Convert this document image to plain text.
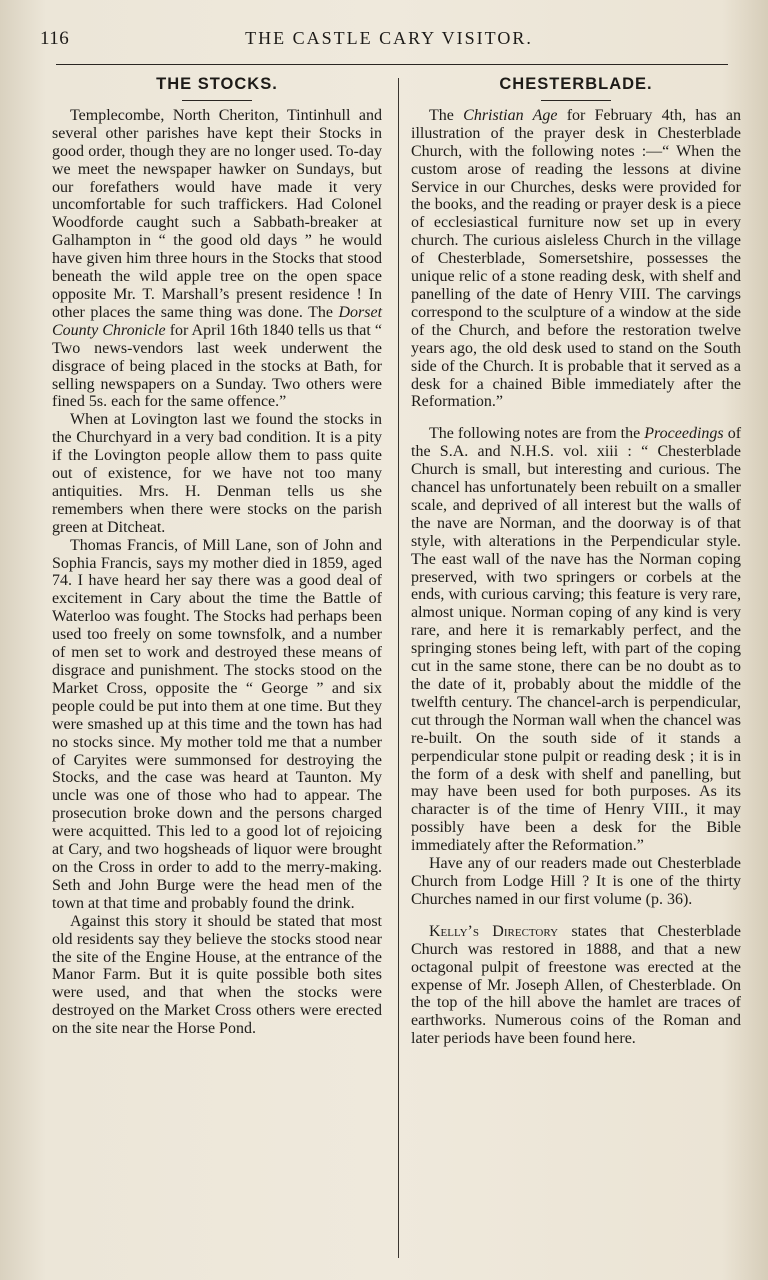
116	THE CASTLE CARY VISITOR.
THE STOCKS.

Templecombe, North Cheriton, Tintinhull and several other parishes have kept their Stocks in good order, though they are no longer used. To-day we meet the newspaper hawker on Sundays, but our forefathers would have made it very uncomfortable for such traffickers. Had Colonel Woodforde caught such a Sabbath-breaker at Galhampton in “ the good old days ” he would have given him three hours in the Stocks that stood beneath the wild apple tree on the open space opposite Mr. T. Marshall’s present residence ! In other places the same thing was done. The Dorset County Chronicle for April 16th 1840 tells us that “ Two news-vendors last week underwent the disgrace of being placed in the stocks at Bath, for selling newspapers on a Sunday. Two others were fined 5s. each for the same offence.”

When at Lovington last we found the stocks in the Churchyard in a very bad condition. It is a pity if the Lovington people allow them to pass quite out of existence, for we have not too many antiquities. Mrs. H. Denman tells us she remembers when there were stocks on the parish green at Ditcheat.

Thomas Francis, of Mill Lane, son of John and Sophia Francis, says my mother died in 1859, aged 74. I have heard her say there was a good deal of excitement in Cary about the time the Battle of Waterloo was fought. The Stocks had perhaps been used too freely on some townsfolk, and a number of men set to work and destroyed these means of disgrace and punishment. The stocks stood on the Market Cross, opposite the “ George ” and six people could be put into them at one time. But they were smashed up at this time and the town has had no stocks since. My mother told me that a number of Caryites were summonsed for destroying the Stocks, and the case was heard at Taunton. My uncle was one of those who had to appear. The prosecution broke down and the persons charged were acquitted. This led to a good lot of rejoicing at Cary, and two hogsheads of liquor were brought on the Cross in order to add to the merry-making. Seth and John Burge were the head men of the town at that time and probably found the drink.

Against this story it should be stated that most old residents say they believe the stocks stood near the site of the Engine House, at the entrance of the Manor Farm. But it is quite possible both sites were used, and that when the stocks were destroyed on the Market Cross others were erected on the site near the Horse Pond.

CHESTERBLADE.

The Christian Age for February 4th, has an illustration of the prayer desk in Chesterblade Church, with the following notes :—“ When the custom arose of reading the lessons at divine Service in our Churches, desks were provided for the books, and the reading or prayer desk is a piece of ecclesiastical furniture now set up in every church. The curious aisleless Church in the village of Chesterblade, Somersetshire, possesses the unique relic of a stone reading desk, with shelf and panelling of the date of Henry VIII. The carvings correspond to the sculpture of a window at the side of the Church, and before the restoration twelve years ago, the old desk used to stand on the South side of the Church. It is probable that it served as a desk for a chained Bible immediately after the Reformation.”

The following notes are from the Proceedings of the S.A. and N.H.S. vol. xiii : “ Chesterblade Church is small, but interesting and curious. The chancel has unfortunately been rebuilt on a smaller scale, and deprived of all interest but the walls of the nave are Norman, and the doorway is of that style, with alterations in the Perpendicular style. The east wall of the nave has the Norman coping preserved, with two springers or corbels at the ends, with curious carving; this feature is very rare, almost unique. Norman coping of any kind is very rare, and here it is remarkably perfect, and the springing stones being left, with part of the coping cut in the same stone, there can be no doubt as to the date of it, probably about the middle of the twelfth century. The chancel-arch is perpendicular, cut through the Norman wall when the chancel was re-built. On the south side of it stands a perpendicular stone pulpit or reading desk ; it is in the form of a desk with shelf and panelling, but may have been used for both purposes. As its character is of the time of Henry VIII., it may possibly have been a desk for the Bible immediately after the Reformation.”

Have any of our readers made out Chesterblade Church from Lodge Hill ? It is one of the thirty Churches named in our first volume (p. 36).

Kelly’s Directory states that Chesterblade Church was restored in 1888, and that a new octagonal pulpit of freestone was erected at the expense of Mr. Joseph Allen, of Chesterblade. On the top of the hill above the hamlet are traces of earthworks. Numerous coins of the Roman and later periods have been found here.
